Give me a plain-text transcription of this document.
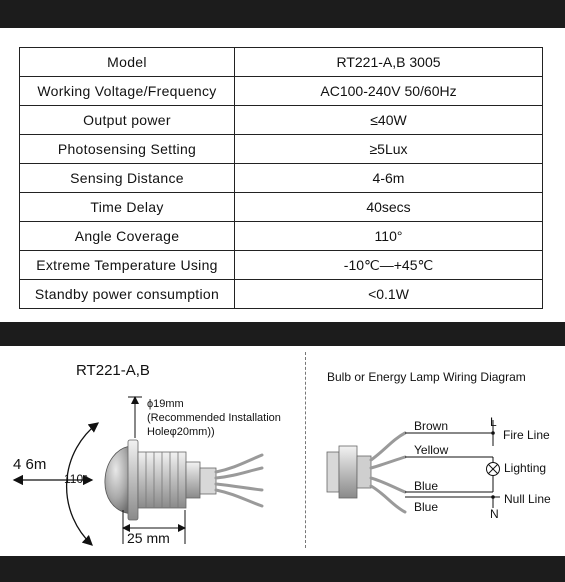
Model	RT221-A,B 3005
Working Voltage/Frequency	AC100-240V 50/60Hz
Output power	≤40W
Photosensing Setting	≥5Lux
Sensing Distance	4-6m
Time Delay	40secs
Angle Coverage	110°
Extreme Temperature Using	-10℃—+45℃
Standby power consumption	<0.1W
RT221-A,B
ϕ19mm
(Recommended Installation
Holeφ20mm))
4 6m
110°
25 mm
Bulb or Energy Lamp Wiring Diagram
Brown
Yellow
Blue
Blue
L
N
Fire Line
Lighting
Null Line
